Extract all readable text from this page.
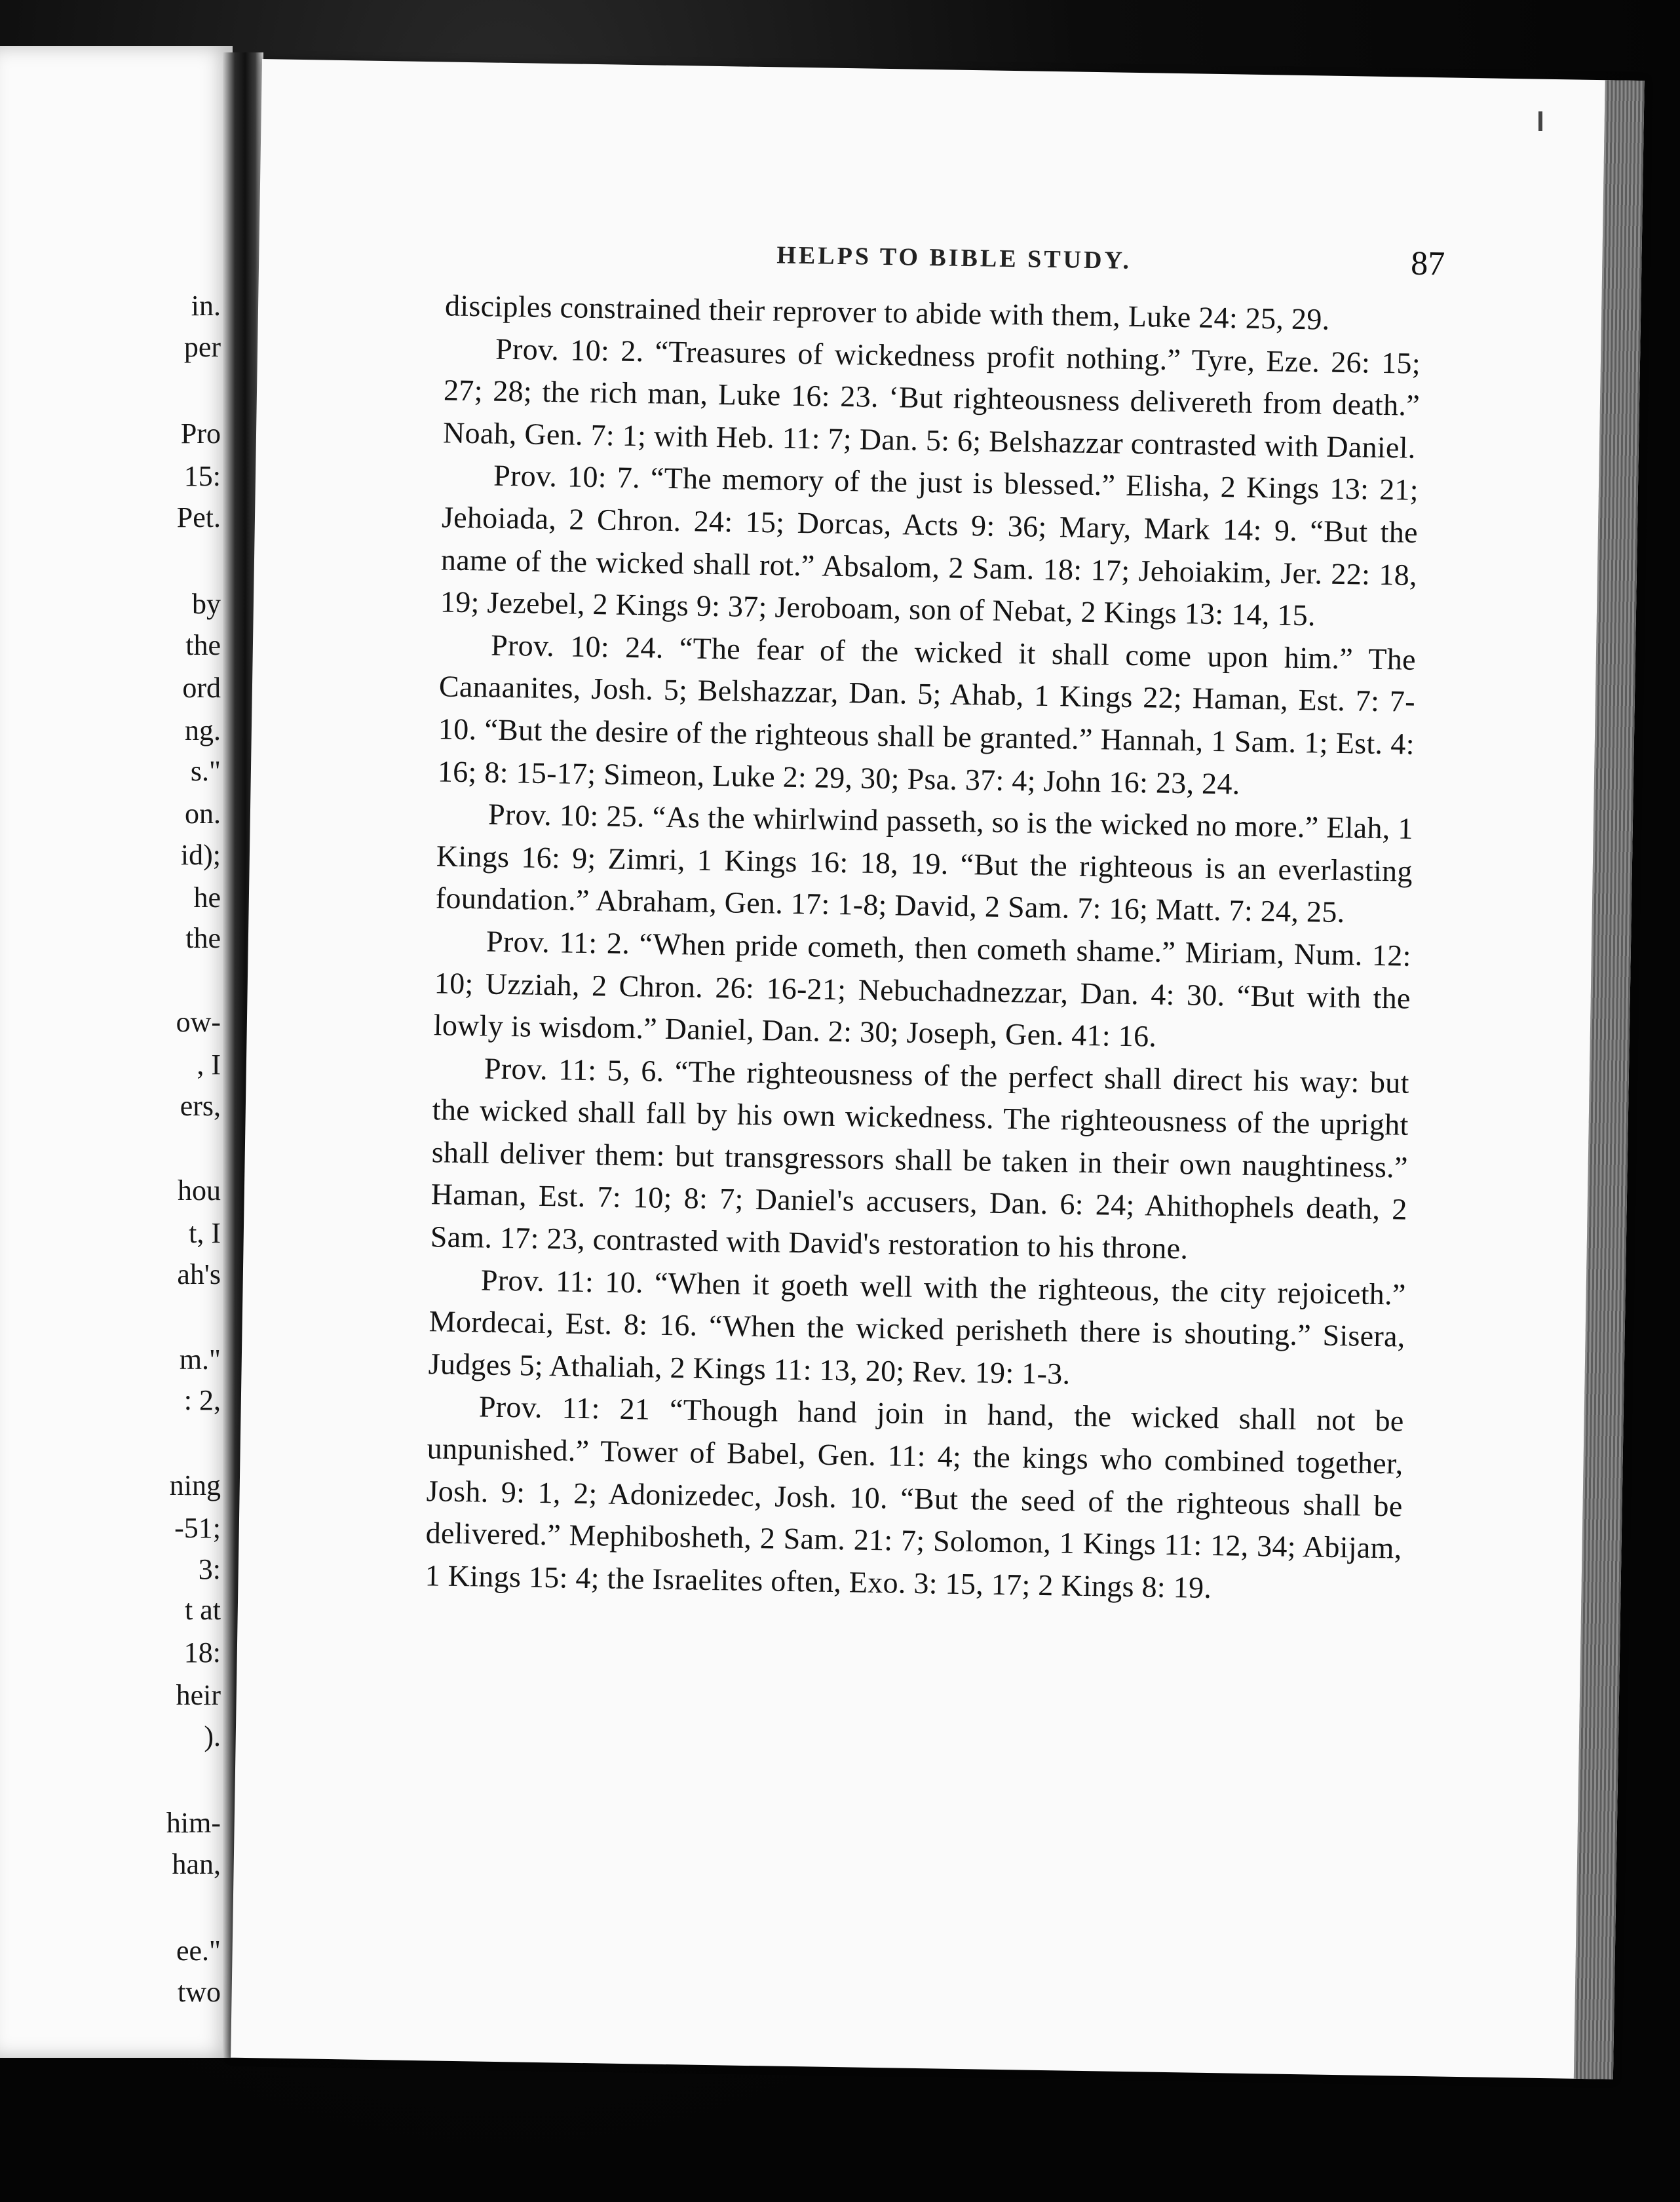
in.

per

Pro

15:

Pet.

by

the

ord

ng.

s."

on.

id);

he

the

ow-

, I

ers,

hou

t, I

ah's

m."

: 2,

ning

-51;

3:

t at

18:

heir

).

him-

han,

ee."

two

HELPS TO BIBLE STUDY.	87

disciples constrained their reprover to abide with them, Luke 24: 25, 29.

Prov. 10: 2. “Treasures of wickedness profit nothing.” Tyre, Eze. 26: 15; 27; 28; the rich man, Luke 16: 23. ‘But righteousness delivereth from death.” Noah, Gen. 7: 1; with Heb. 11: 7; Dan. 5: 6; Belshazzar contrasted with Daniel.

Prov. 10: 7. “The memory of the just is blessed.” Elisha, 2 Kings 13: 21; Jehoiada, 2 Chron. 24: 15; Dorcas, Acts 9: 36; Mary, Mark 14: 9. “But the name of the wicked shall rot.” Absalom, 2 Sam. 18: 17; Jehoiakim, Jer. 22: 18, 19; Jezebel, 2 Kings 9: 37; Jeroboam, son of Nebat, 2 Kings 13: 14, 15.

Prov. 10: 24. “The fear of the wicked it shall come upon him.” The Canaanites, Josh. 5; Belshazzar, Dan. 5; Ahab, 1 Kings 22; Haman, Est. 7: 7-10. “But the desire of the righteous shall be granted.” Hannah, 1 Sam. 1; Est. 4: 16; 8: 15-17; Simeon, Luke 2: 29, 30; Psa. 37: 4; John 16: 23, 24.

Prov. 10: 25. “As the whirlwind passeth, so is the wicked no more.” Elah, 1 Kings 16: 9; Zimri, 1 Kings 16: 18, 19. “But the righteous is an everlasting foundation.” Abraham, Gen. 17: 1-8; David, 2 Sam. 7: 16; Matt. 7: 24, 25.

Prov. 11: 2. “When pride cometh, then cometh shame.” Miriam, Num. 12: 10; Uzziah, 2 Chron. 26: 16-21; Nebuchadnezzar, Dan. 4: 30. “But with the lowly is wisdom.” Daniel, Dan. 2: 30; Joseph, Gen. 41: 16.

Prov. 11: 5, 6. “The righteousness of the perfect shall direct his way: but the wicked shall fall by his own wickedness. The righteousness of the upright shall deliver them: but transgressors shall be taken in their own naughtiness.” Haman, Est. 7: 10; 8: 7; Daniel's accusers, Dan. 6: 24; Ahithophels death, 2 Sam. 17: 23, contrasted with David's restoration to his throne.

Prov. 11: 10. “When it goeth well with the righteous, the city rejoiceth.” Mordecai, Est. 8: 16. “When the wicked perisheth there is shouting.” Sisera, Judges 5; Athaliah, 2 Kings 11: 13, 20; Rev. 19: 1-3.

Prov. 11: 21 “Though hand join in hand, the wicked shall not be unpunished.” Tower of Babel, Gen. 11: 4; the kings who combined together, Josh. 9: 1, 2; Adonizedec, Josh. 10. “But the seed of the righteous shall be delivered.” Mephibosheth, 2 Sam. 21: 7; Solomon, 1 Kings 11: 12, 34; Abijam, 1 Kings 15: 4; the Israelites often, Exo. 3: 15, 17; 2 Kings 8: 19.
